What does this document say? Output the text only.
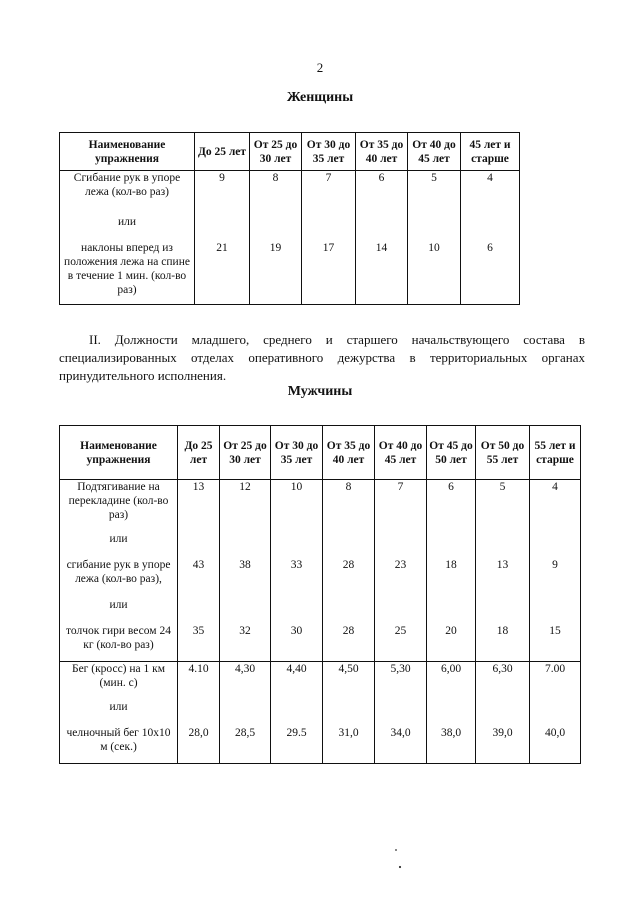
2
Женщины
Наименование упражнения	До 25 лет	От 25 до 30 лет	От 30 до 35 лет	От 35 до 40 лет	От 40 до 45 лет	45 лет и старше
Сгибание рук в упоре лежа (кол-во раз)	9	8	7	6	5	4
или						
наклоны вперед из положения лежа на спине в течение 1 мин. (кол-во раз)	21	19	17	14	10	6

II. Должности младшего, среднего и старшего начальствующего состава в специализированных отделах оперативного дежурства в территориальных органах принудительного исполнения.

Мужчины
Наименование упражнения	До 25 лет	От 25 до 30 лет	От 30 до 35 лет	От 35 до 40 лет	От 40 до 45 лет	От 45 до 50 лет	От 50 до 55 лет	55 лет и старше
Подтягивание на перекладине (кол-во раз)	13	12	10	8	7	6	5	4
или								
сгибание рук в упоре лежа (кол-во раз),	43	38	33	28	23	18	13	9
или								
толчок гири весом 24 кг (кол-во раз)	35	32	30	28	25	20	18	15
Бег (кросс) на 1 км (мин. с)	4.10	4,30	4,40	4,50	5,30	6,00	6,30	7.00
или								
челночный бег 10х10 м (сек.)	28,0	28,5	29.5	31,0	34,0	38,0	39,0	40,0
